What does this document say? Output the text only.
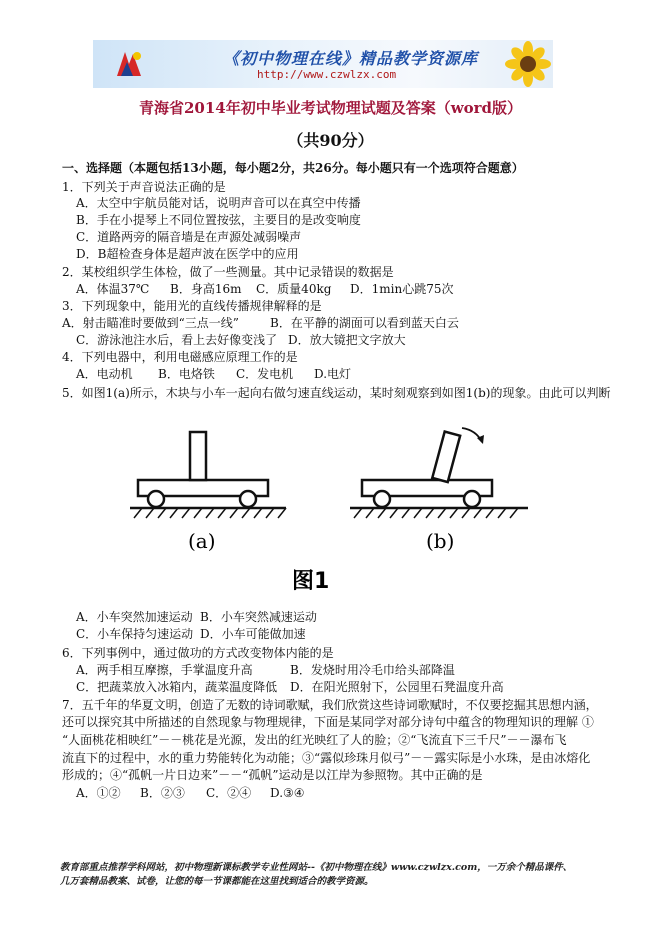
《初中物理在线》精品教学资源库
http://www.czwlzx.com
青海省2014年初中毕业考试物理试题及答案（word版）
（共90分）
一、选择题（本题包括13小题，每小题2分，共26分。每小题只有一个选项符合题意）
1．下列关于声音说法正确的是
A．太空中宇航员能对话，说明声音可以在真空中传播
B．手在小提琴上不同位置按弦，主要目的是改变响度
C．道路两旁的隔音墙是在声源处减弱噪声
D．B超检查身体是超声波在医学中的应用
2．某校组织学生体检，做了一些测量。其中记录错误的数据是
A．体温37℃ B．身高16m C．质量40kg D．1min心跳75次
3．下列现象中，能用光的直线传播规律解释的是
A．射击瞄准时要做到“三点一线”	B．在平静的湖面可以看到蓝天白云
C．游泳池注水后，看上去好像变浅了 D．放大镜把文字放大
4．下列电器中，利用电磁感应原理工作的是
A．电动机 B．电烙铁 C．发电机 D.电灯
5．如图1(a)所示，木块与小车一起向右做匀速直线运动，某时刻观察到如图1(b)的现象。由此可以判断
(a)	(b)
图1
A．小车突然加速运动 B．小车突然减速运动
C．小车保持匀速运动 D．小车可能做加速
6．下列事例中，通过做功的方式改变物体内能的是
A．两手相互摩擦，手掌温度升高	B．发烧时用冷毛巾给头部降温
C．把蔬菜放入冰箱内，蔬菜温度降低 D．在阳光照射下，公园里石凳温度升高
7．五千年的华夏文明，创造了无数的诗词歌赋，我们欣赏这些诗词歌赋时，不仅要挖掘其思想内涵，
还可以探究其中所描述的自然现象与物理规律，下面是某同学对部分诗句中蕴含的物理知识的理解 ①
“人面桃花相映红”－－桃花是光源，发出的红光映红了人的脸；②“飞流直下三千尺”－－瀑布飞
流直下的过程中，水的重力势能转化为动能；③“露似珍珠月似弓”－－露实际是小水珠，是由冰熔化
形成的；④“孤帆一片日边来”－－“孤帆”运动是以江岸为参照物。其中正确的是
A．①② B．②③ C．②④ D.③④
教育部重点推荐学科网站，初中物理新课标教学专业性网站--《初中物理在线》www.czwlzx.com，一万余个精品课件、
几万套精品教案、试卷，让您的每一节课都能在这里找到适合的教学资源。
